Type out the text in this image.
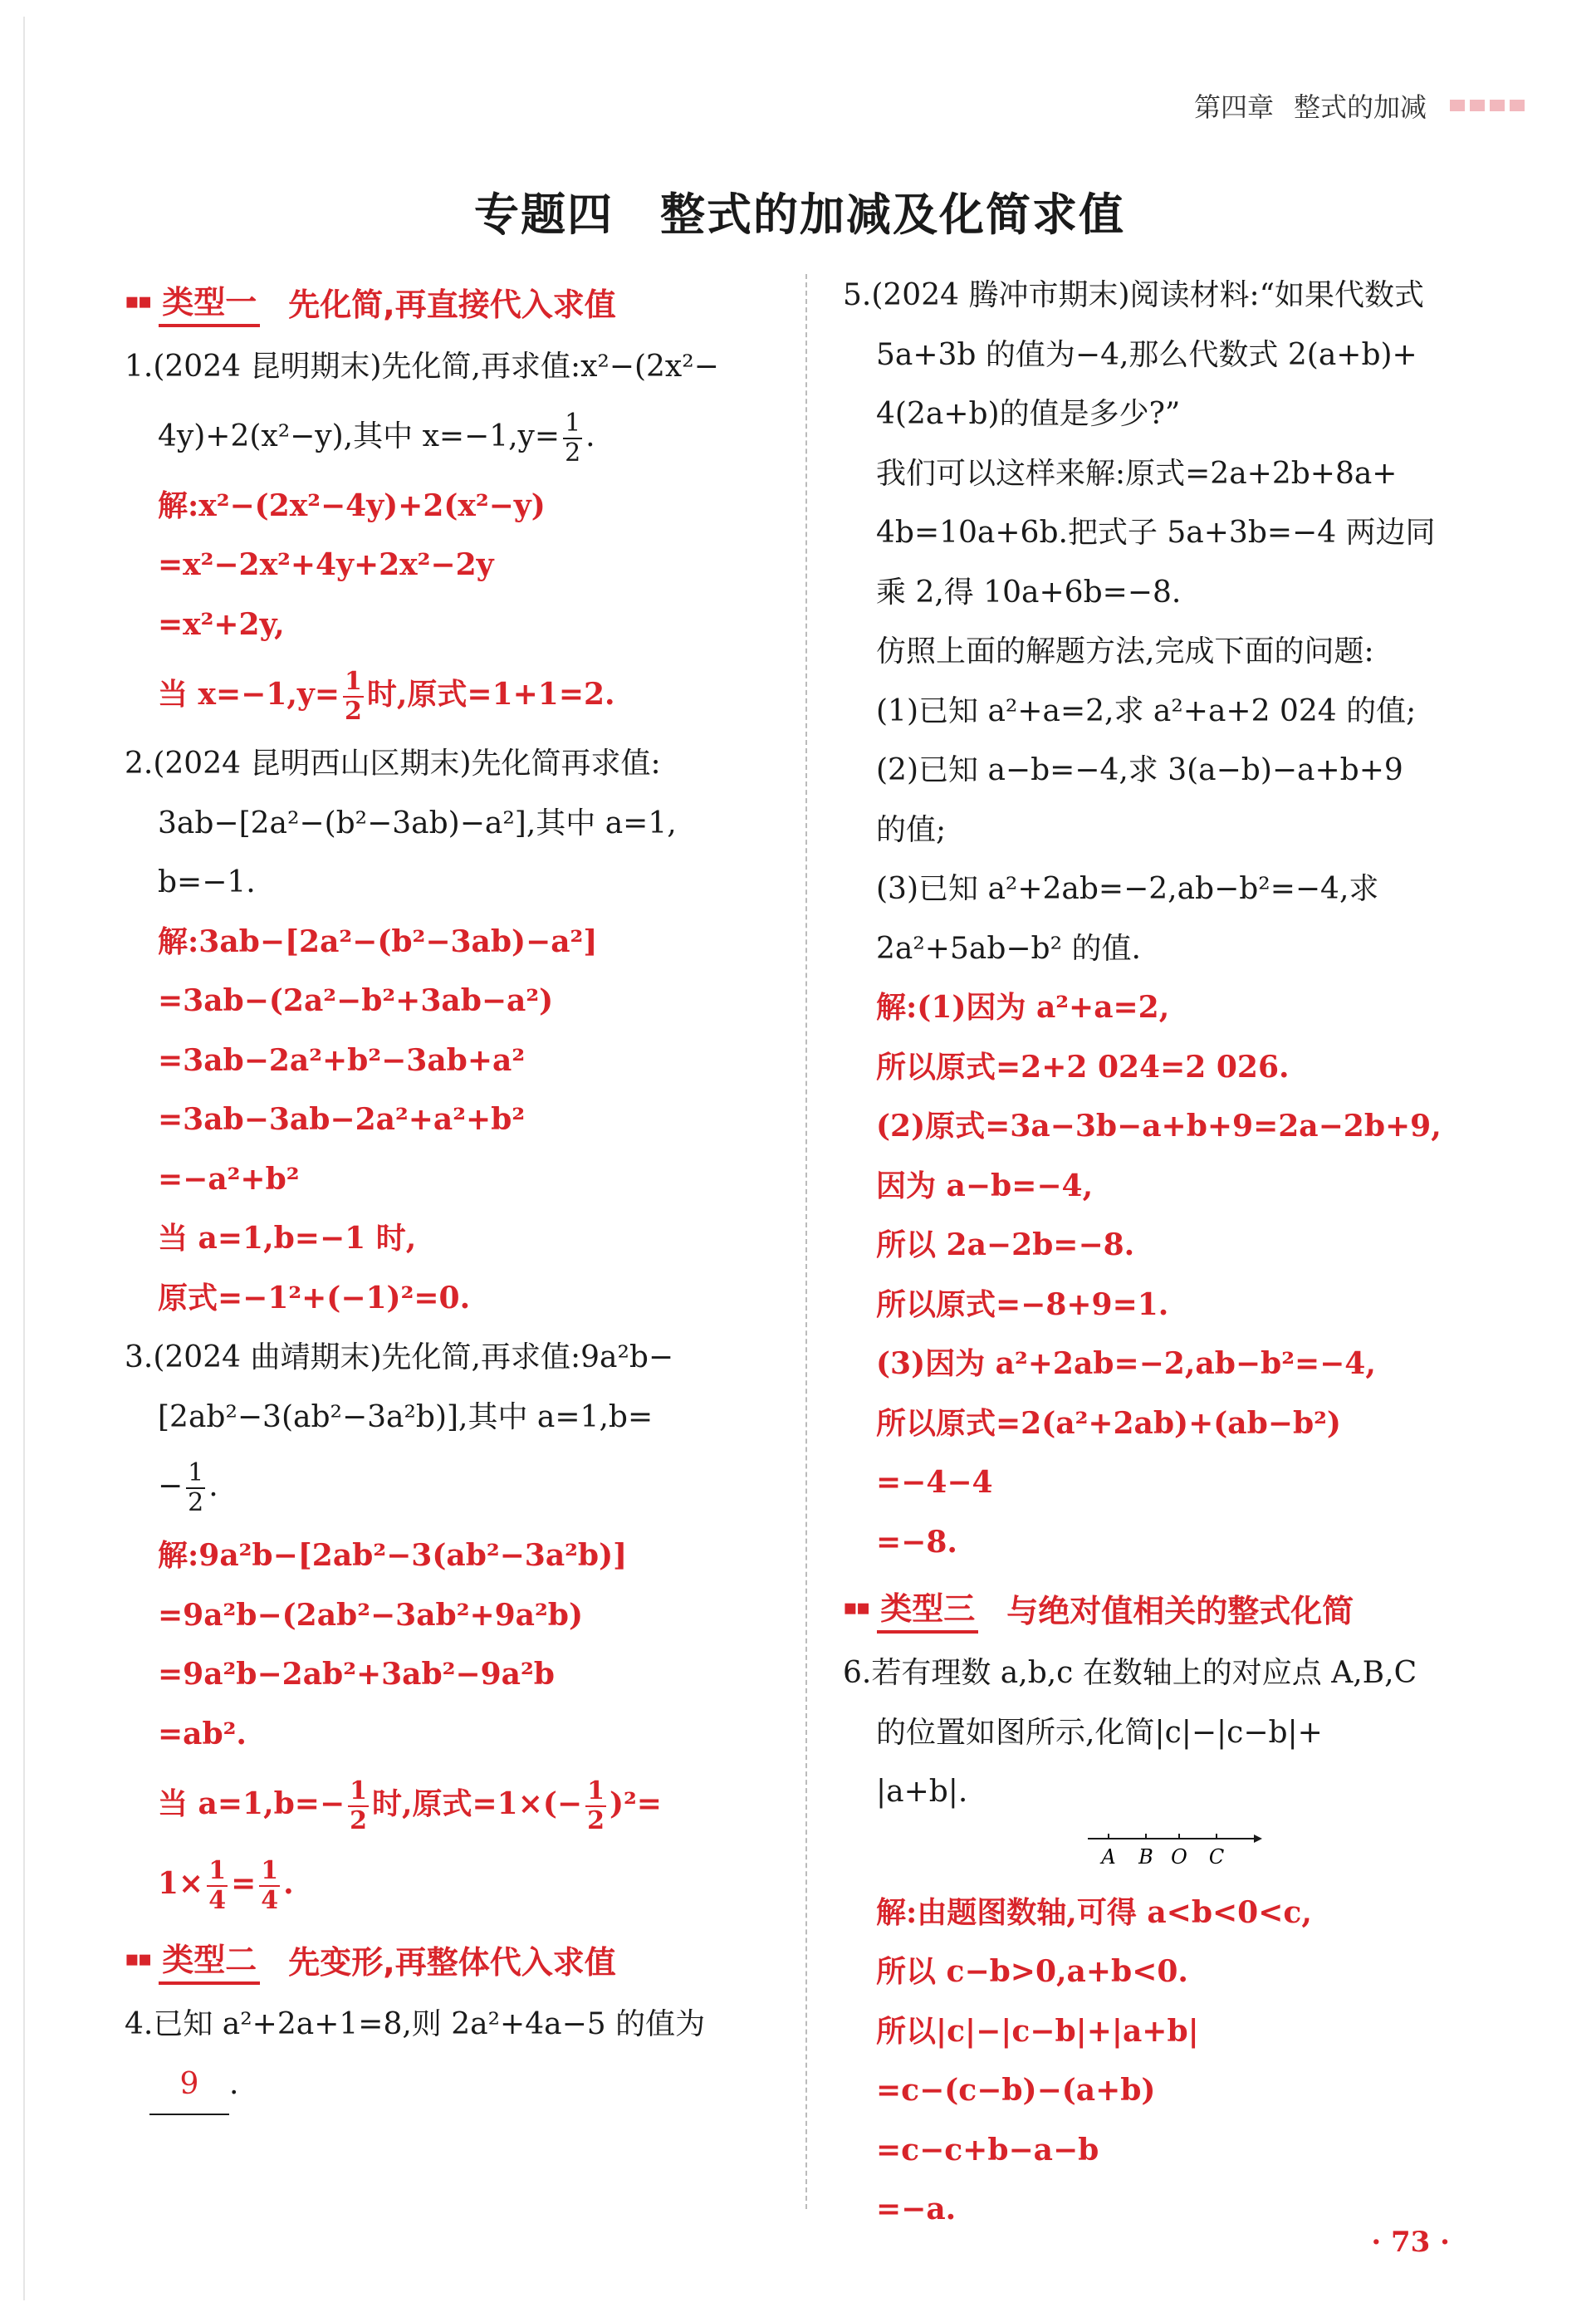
第四章 整式的加减
专题四　整式的加减及化简求值
▪▪ 类型一 先化简,再直接代入求值
1.(2024 昆明期末)先化简,再求值:x²−(2x²−
4y)+2(x²−y),其中 $x=-1,y= \frac{1}{2}$ .
解:x²−(2x²−4y)+2(x²−y)
=x²−2x²+4y+2x²−2y
=x²+2y,
当 $x=-1,y= \frac{1}{2}$ 时,原式=1+1=2.
2.(2024 昆明西山区期末)先化简再求值:
3ab−[2a²−(b²−3ab)−a²],其中 a=1,
b=−1.
解:3ab−[2a²−(b²−3ab)−a²]
=3ab−(2a²−b²+3ab−a²)
=3ab−2a²+b²−3ab+a²
=3ab−3ab−2a²+a²+b²
=−a²+b²
当 a=1,b=−1 时,
原式=−1²+(−1)²=0.
3.(2024 曲靖期末)先化简,再求值:9a²b−
[2ab²−3(ab²−3a²b)],其中 a=1,b=
− $\frac{1}{2}$ .
解:9a²b−[2ab²−3(ab²−3a²b)]
=9a²b−(2ab²−3ab²+9a²b)
=9a²b−2ab²+3ab²−9a²b
=ab².
当 $a=1,b=- \frac{1}{2}$ 时,原式$=1\times(- \frac{1}{2} )^2=$
$1\times \frac{1}{4} = \frac{1}{4}$ .
▪▪ 类型二 先变形,再整体代入求值
4.已知 a²+2a+1=8,则 2a²+4a−5 的值为
9 .
5.(2024 腾冲市期末)阅读材料:“如果代数式
5a+3b 的值为−4,那么代数式 2(a+b)+
4(2a+b)的值是多少?”
我们可以这样来解:原式=2a+2b+8a+
4b=10a+6b.把式子 5a+3b=−4 两边同
乘 2,得 10a+6b=−8.
仿照上面的解题方法,完成下面的问题:
(1)已知 a²+a=2,求 a²+a+2 024 的值;
(2)已知 a−b=−4,求 3(a−b)−a+b+9
的值;
(3)已知 a²+2ab=−2,ab−b²=−4,求
2a²+5ab−b² 的值.
解:(1)因为 a²+a=2,
所以原式=2+2 024=2 026.
(2)原式=3a−3b−a+b+9=2a−2b+9,
因为 a−b=−4,
所以 2a−2b=−8.
所以原式=−8+9=1.
(3)因为 a²+2ab=−2,ab−b²=−4,
所以原式=2(a²+2ab)+(ab−b²)
=−4−4
=−8.
▪▪ 类型三 与绝对值相关的整式化简
6.若有理数 a,b,c 在数轴上的对应点 A,B,C
的位置如图所示,化简|c|−|c−b|+
|a+b|.
A B O C
解:由题图数轴,可得 a<b<0<c,
所以 c−b>0,a+b<0.
所以|c|−|c−b|+|a+b|
=c−(c−b)−(a+b)
=c−c+b−a−b
=−a.
· 73 ·
